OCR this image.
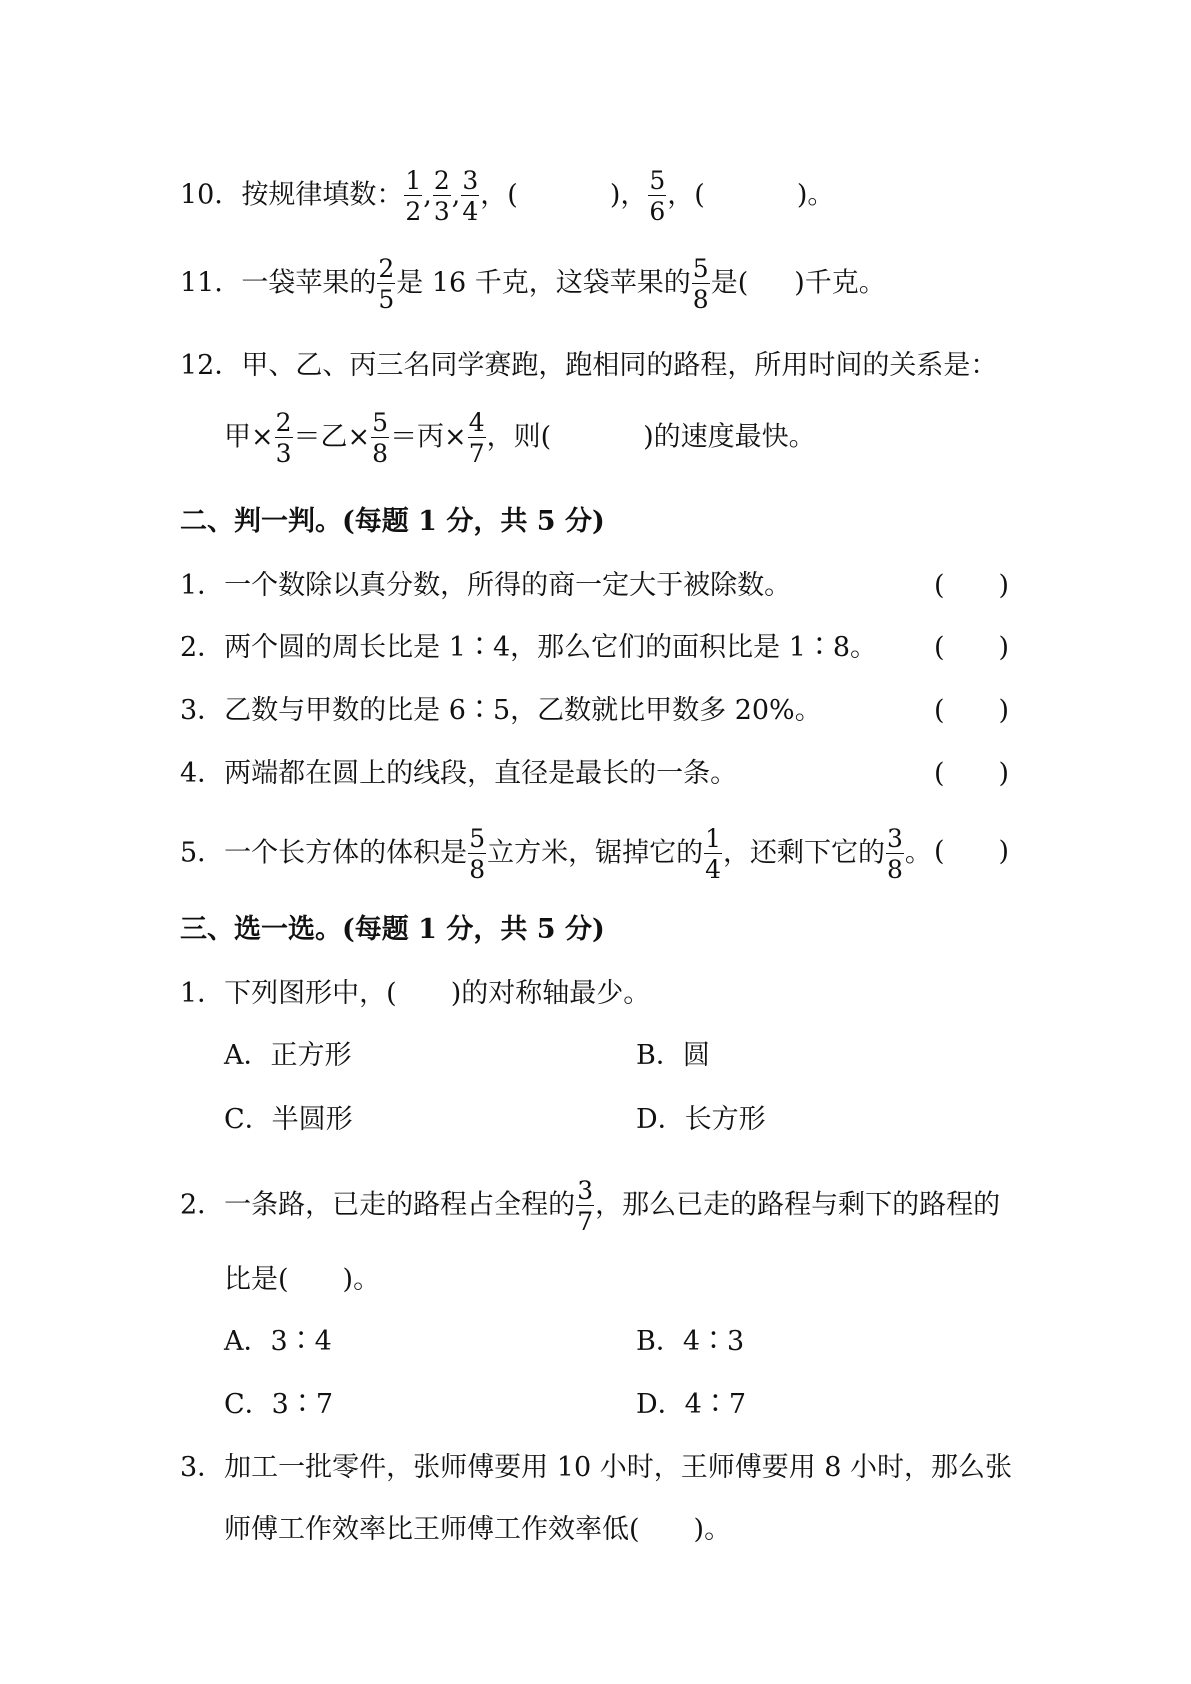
10．按规律填数： $\frac{1}{2}$ , $\frac{2}{3}$ , $\frac{3}{4}$ ，(	)， $\frac{5}{6}$ ，(	)。
11．一袋苹果的 $\frac{2}{5}$ 是 16 千克，这袋苹果的 $\frac{5}{8}$ 是( )千克。
12．甲、乙、丙三名同学赛跑，跑相同的路程，所用时间的关系是：
甲× $\frac{2}{3}$ ＝乙× $\frac{5}{8}$ ＝丙× $\frac{4}{7}$ ，则(	)的速度最快。
二、判一判。(每题 1 分，共 5 分)
1．一个数除以真分数，所得的商一定大于被除数。	(　　)
2．两个圆的周长比是 1∶4，那么它们的面积比是 1∶8。 (　　)
3．乙数与甲数的比是 6∶5，乙数就比甲数多 20%。	(　　)
4．两端都在圆上的线段，直径是最长的一条。	(　　)
5．一个长方体的体积是 $\frac{5}{8}$ 立方米，锯掉它的 $\frac{1}{4}$ ，还剩下它的 $\frac{3}{8}$ 。 (　　)
三、选一选。(每题 1 分，共 5 分)
1．下列图形中，(　　)的对称轴最少。
A．正方形	B．圆
C．半圆形	D．长方形
2．一条路，已走的路程占全程的 $\frac{3}{7}$ ，那么已走的路程与剩下的路程的
比是(　　)。
A．3∶4	B．4∶3
C．3∶7	D．4∶7
3．加工一批零件，张师傅要用 10 小时，王师傅要用 8 小时，那么张
师傅工作效率比王师傅工作效率低(　　)。
